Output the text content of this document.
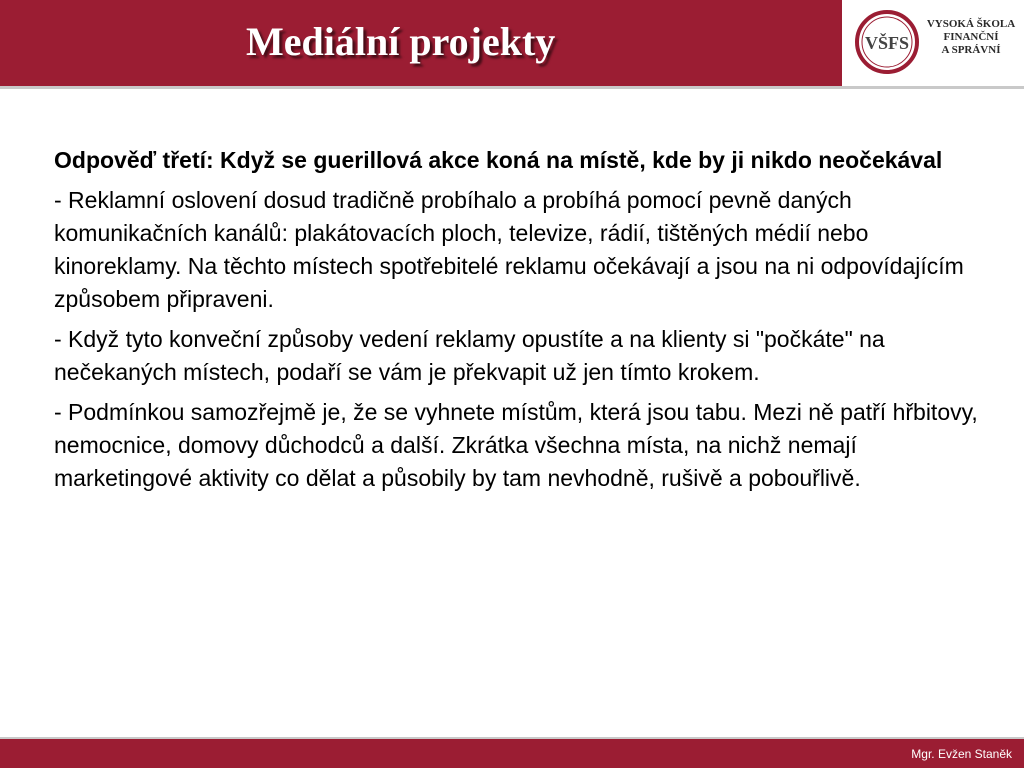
Mediální projekty	VŠFS
VYSOKÁ ŠKOLA
FINANČNÍ
A SPRÁVNÍ

Odpověď třetí: Když se guerillová akce koná na místě, kde by ji nikdo neočekával

- Reklamní oslovení dosud tradičně probíhalo a probíhá pomocí pevně daných komunikačních kanálů: plakátovacích ploch, televize, rádií, tištěných médií nebo kinoreklamy. Na těchto místech spotřebitelé reklamu očekávají a jsou na ni odpovídajícím způsobem připraveni.

- Když tyto konveční způsoby vedení reklamy opustíte a na klienty si "počkáte" na nečekaných místech, podaří se vám je překvapit už jen tímto krokem.

- Podmínkou samozřejmě je, že se vyhnete místům, která jsou tabu. Mezi ně patří hřbitovy, nemocnice, domovy důchodců a další. Zkrátka všechna místa, na nichž nemají marketingové aktivity co dělat a působily by tam nevhodně, rušivě a pobouřlivě.

Mgr. Evžen Staněk
